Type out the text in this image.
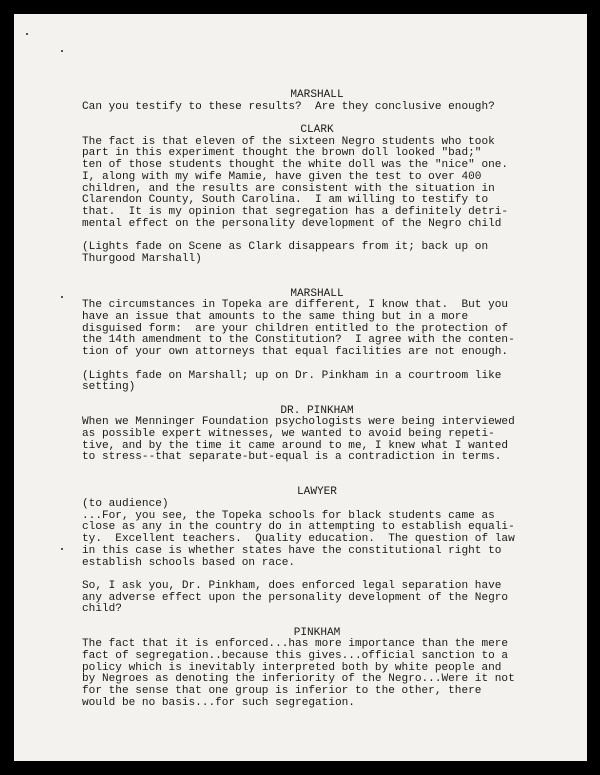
MARSHALL
Can you testify to these results?  Are they conclusive enough?
CLARK
The fact is that eleven of the sixteen Negro students who took
part in this experiment thought the brown doll looked "bad;"
ten of those students thought the white doll was the "nice" one.
I, along with my wife Mamie, have given the test to over 400
children, and the results are consistent with the situation in
Clarendon County, South Carolina.  I am willing to testify to
that.  It is my opinion that segregation has a definitely detri-
mental effect on the personality development of the Negro child
(Lights fade on Scene as Clark disappears from it; back up on
Thurgood Marshall)
MARSHALL
The circumstances in Topeka are different, I know that.  But you
have an issue that amounts to the same thing but in a more
disguised form:  are your children entitled to the protection of
the 14th amendment to the Constitution?  I agree with the conten-
tion of your own attorneys that equal facilities are not enough.
(Lights fade on Marshall; up on Dr. Pinkham in a courtroom like
setting)
DR. PINKHAM
When we Menninger Foundation psychologists were being interviewed
as possible expert witnesses, we wanted to avoid being repeti-
tive, and by the time it came around to me, I knew what I wanted
to stress--that separate-but-equal is a contradiction in terms.
LAWYER
(to audience)
...For, you see, the Topeka schools for black students came as
close as any in the country do in attempting to establish equali-
ty.  Excellent teachers.  Quality education.  The question of law
in this case is whether states have the constitutional right to
establish schools based on race.
So, I ask you, Dr. Pinkham, does enforced legal separation have
any adverse effect upon the personality development of the Negro
child?
PINKHAM
The fact that it is enforced...has more importance than the mere
fact of segregation..because this gives...official sanction to a
policy which is inevitably interpreted both by white people and
by Negroes as denoting the inferiority of the Negro...Were it not
for the sense that one group is inferior to the other, there
would be no basis...for such segregation.
